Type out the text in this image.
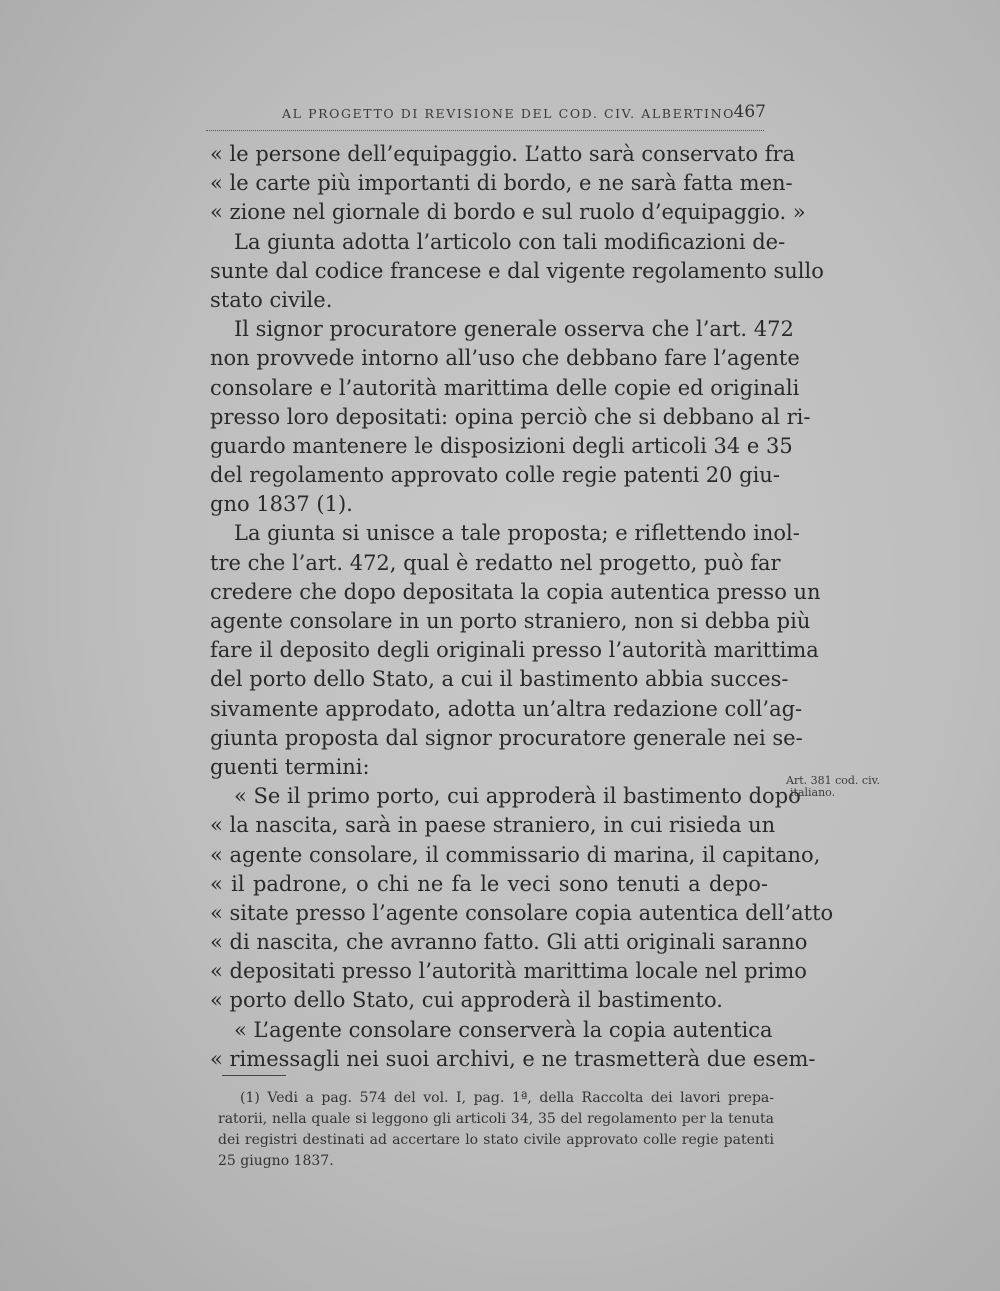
AL PROGETTO DI REVISIONE DEL COD. CIV. ALBERTINO
467
« le persone dell’equipaggio. L’atto sarà conservato fra
« le carte più importanti di bordo, e ne sarà fatta men-
« zione nel giornale di bordo e sul ruolo d’equipaggio. »
La giunta adotta l’articolo con tali modificazioni de-
sunte dal codice francese e dal vigente regolamento sullo
stato civile.
Il signor procuratore generale osserva che l’art. 472
non provvede intorno all’uso che debbano fare l’agente
consolare e l’autorità marittima delle copie ed originali
presso loro depositati: opina perciò che si debbano al ri-
guardo mantenere le disposizioni degli articoli 34 e 35
del regolamento approvato colle regie patenti 20 giu-
gno 1837 (1).
La giunta si unisce a tale proposta; e riflettendo inol-
tre che l’art. 472, qual è redatto nel progetto, può far
credere che dopo depositata la copia autentica presso un
agente consolare in un porto straniero, non si debba più
fare il deposito degli originali presso l’autorità marittima
del porto dello Stato, a cui il bastimento abbia succes-
sivamente approdato, adotta un’altra redazione coll’ag-
giunta proposta dal signor procuratore generale nei se-
guenti termini:
« Se il primo porto, cui approderà il bastimento dopo
« la nascita, sarà in paese straniero, in cui risieda un
« agente consolare, il commissario di marina, il capitano,
« il padrone, o chi ne fa le veci sono tenuti a depo-
« sitate presso l’agente consolare copia autentica dell’atto
« di nascita, che avranno fatto. Gli atti originali saranno
« depositati presso l’autorità marittima locale nel primo
« porto dello Stato, cui approderà il bastimento.
« L’agente consolare conserverà la copia autentica
« rimessagli nei suoi archivi, e ne trasmetterà due esem-
Art. 381 cod. civ.
italiano.
(1) Vedi a pag. 574 del vol. I, pag. 1ª, della Raccolta dei lavori prepa-
ratorii, nella quale si leggono gli articoli 34, 35 del regolamento per la tenuta
dei registri destinati ad accertare lo stato civile approvato colle regie patenti
25 giugno 1837.
